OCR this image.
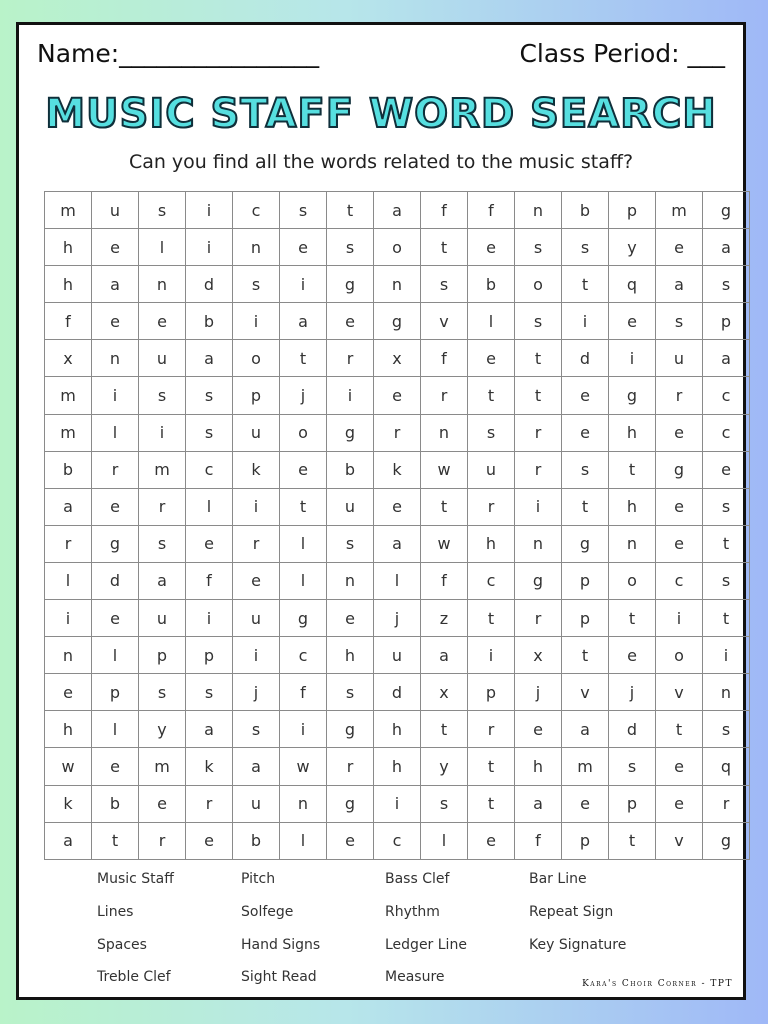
Name:________________	Class Period: ___
MUSIC STAFF WORD SEARCH
Can you find all the words related to the music staff?
m	u	s	i	c	s	t	a	f	f	n	b	p	m	g
h	e	l	i	n	e	s	o	t	e	s	s	y	e	a
h	a	n	d	s	i	g	n	s	b	o	t	q	a	s
f	e	e	b	i	a	e	g	v	l	s	i	e	s	p
x	n	u	a	o	t	r	x	f	e	t	d	i	u	a
m	i	s	s	p	j	i	e	r	t	t	e	g	r	c
m	l	i	s	u	o	g	r	n	s	r	e	h	e	c
b	r	m	c	k	e	b	k	w	u	r	s	t	g	e
a	e	r	l	i	t	u	e	t	r	i	t	h	e	s
r	g	s	e	r	l	s	a	w	h	n	g	n	e	t
l	d	a	f	e	l	n	l	f	c	g	p	o	c	s
i	e	u	i	u	g	e	j	z	t	r	p	t	i	t
n	l	p	p	i	c	h	u	a	i	x	t	e	o	i
e	p	s	s	j	f	s	d	x	p	j	v	j	v	n
h	l	y	a	s	i	g	h	t	r	e	a	d	t	s
w	e	m	k	a	w	r	h	y	t	h	m	s	e	q
k	b	e	r	u	n	g	i	s	t	a	e	p	e	r
a	t	r	e	b	l	e	c	l	e	f	p	t	v	g
Music Staff	Pitch	Bass Clef	Bar Line
Lines	Solfege	Rhythm	Repeat Sign
Spaces	Hand Signs	Ledger Line	Key Signature
Treble Clef	Sight Read	Measure	Kara's Choir Corner - TPT
